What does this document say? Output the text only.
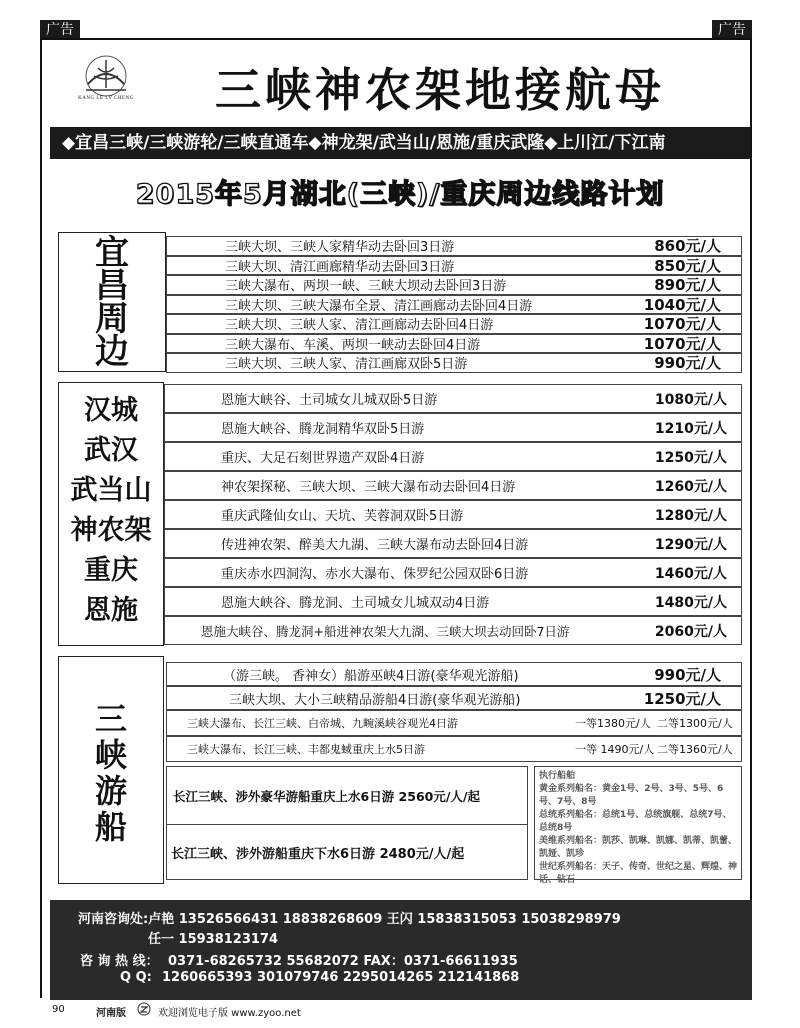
广告	广告
KANG LE LV CHENG	三峡神农架地接航母
◆宜昌三峡/三峡游轮/三峡直通车◆神龙架/武当山/恩施/重庆武隆◆上川江/下江南
2015年5月湖北(三峡)/重庆周边线路计划
宜
昌
周
边
三峡大坝、三峡人家精华动去卧回3日游	860元/人
三峡大坝、清江画廊精华动去卧回3日游	850元/人
三峡大瀑布、两坝一峡、三峡大坝动去卧回3日游	890元/人
三峡大坝、三峡大瀑布全景、清江画廊动去卧回4日游	1040元/人
三峡大坝、三峡人家、清江画廊动去卧回4日游	1070元/人
三峡大瀑布、车溪、两坝一峡动去卧回4日游	1070元/人
三峡大坝、三峡人家、清江画廊双卧5日游	990元/人
汉城
武汉
武当山
神农架
重庆
恩施
恩施大峡谷、土司城女儿城双卧5日游	1080元/人
恩施大峡谷、腾龙洞精华双卧5日游	1210元/人
重庆、大足石刻世界遗产双卧4日游	1250元/人
神农架探秘、三峡大坝、三峡大瀑布动去卧回4日游	1260元/人
重庆武隆仙女山、天坑、芙蓉洞双卧5日游	1280元/人
传进神农架、醉美大九湖、三峡大瀑布动去卧回4日游	1290元/人
重庆赤水四洞沟、赤水大瀑布、侏罗纪公园双卧6日游	1460元/人
恩施大峡谷、腾龙洞、土司城女儿城双动4日游	1480元/人
恩施大峡谷、腾龙洞+船进神农架大九湖、三峡大坝去动回卧7日游	2060元/人
三
峡
游
船
（游三峡。 香神女）船游巫峡4日游(豪华观光游船)	990元/人
三峡大坝、大小三峡精品游船4日游(豪华观光游船)	1250元/人
三峡大瀑布、长江三峡、白帝城、九畹溪峡谷观光4日游	一等1380元/人 二等1300元/人
三峡大瀑布、长江三峡、丰都鬼蜮重庆上水5日游	一等 1490元/人 二等1360元/人
长江三峡、涉外豪华游船重庆上水6日游 2560元/人/起
长江三峡、涉外游船重庆下水6日游 2480元/人/起
执行船舶
黄金系列船名：黄金1号、2号、3号、5号、6号、7号、8号
总统系列船名：总统1号、总统旗舰、总统7号、总统8号
美维系列船名：凯莎、凯琳、凯娜、凯蒂、凯蕾、凯娅、凯珍
世纪系列船名：天子、传奇、世纪之星、辉煌、神话、钻石
河南咨询处:卢艳 13526566431 18838268609 王闪 15838315053 15038298979
任一 15938123174
咨 询 热 线： 0371-68265732 55682072 FAX：0371-66611935
Q Q: 1260665393 301079746 2295014265 212141868
90	河南版	欢迎浏览电子版 www.zyoo.net
